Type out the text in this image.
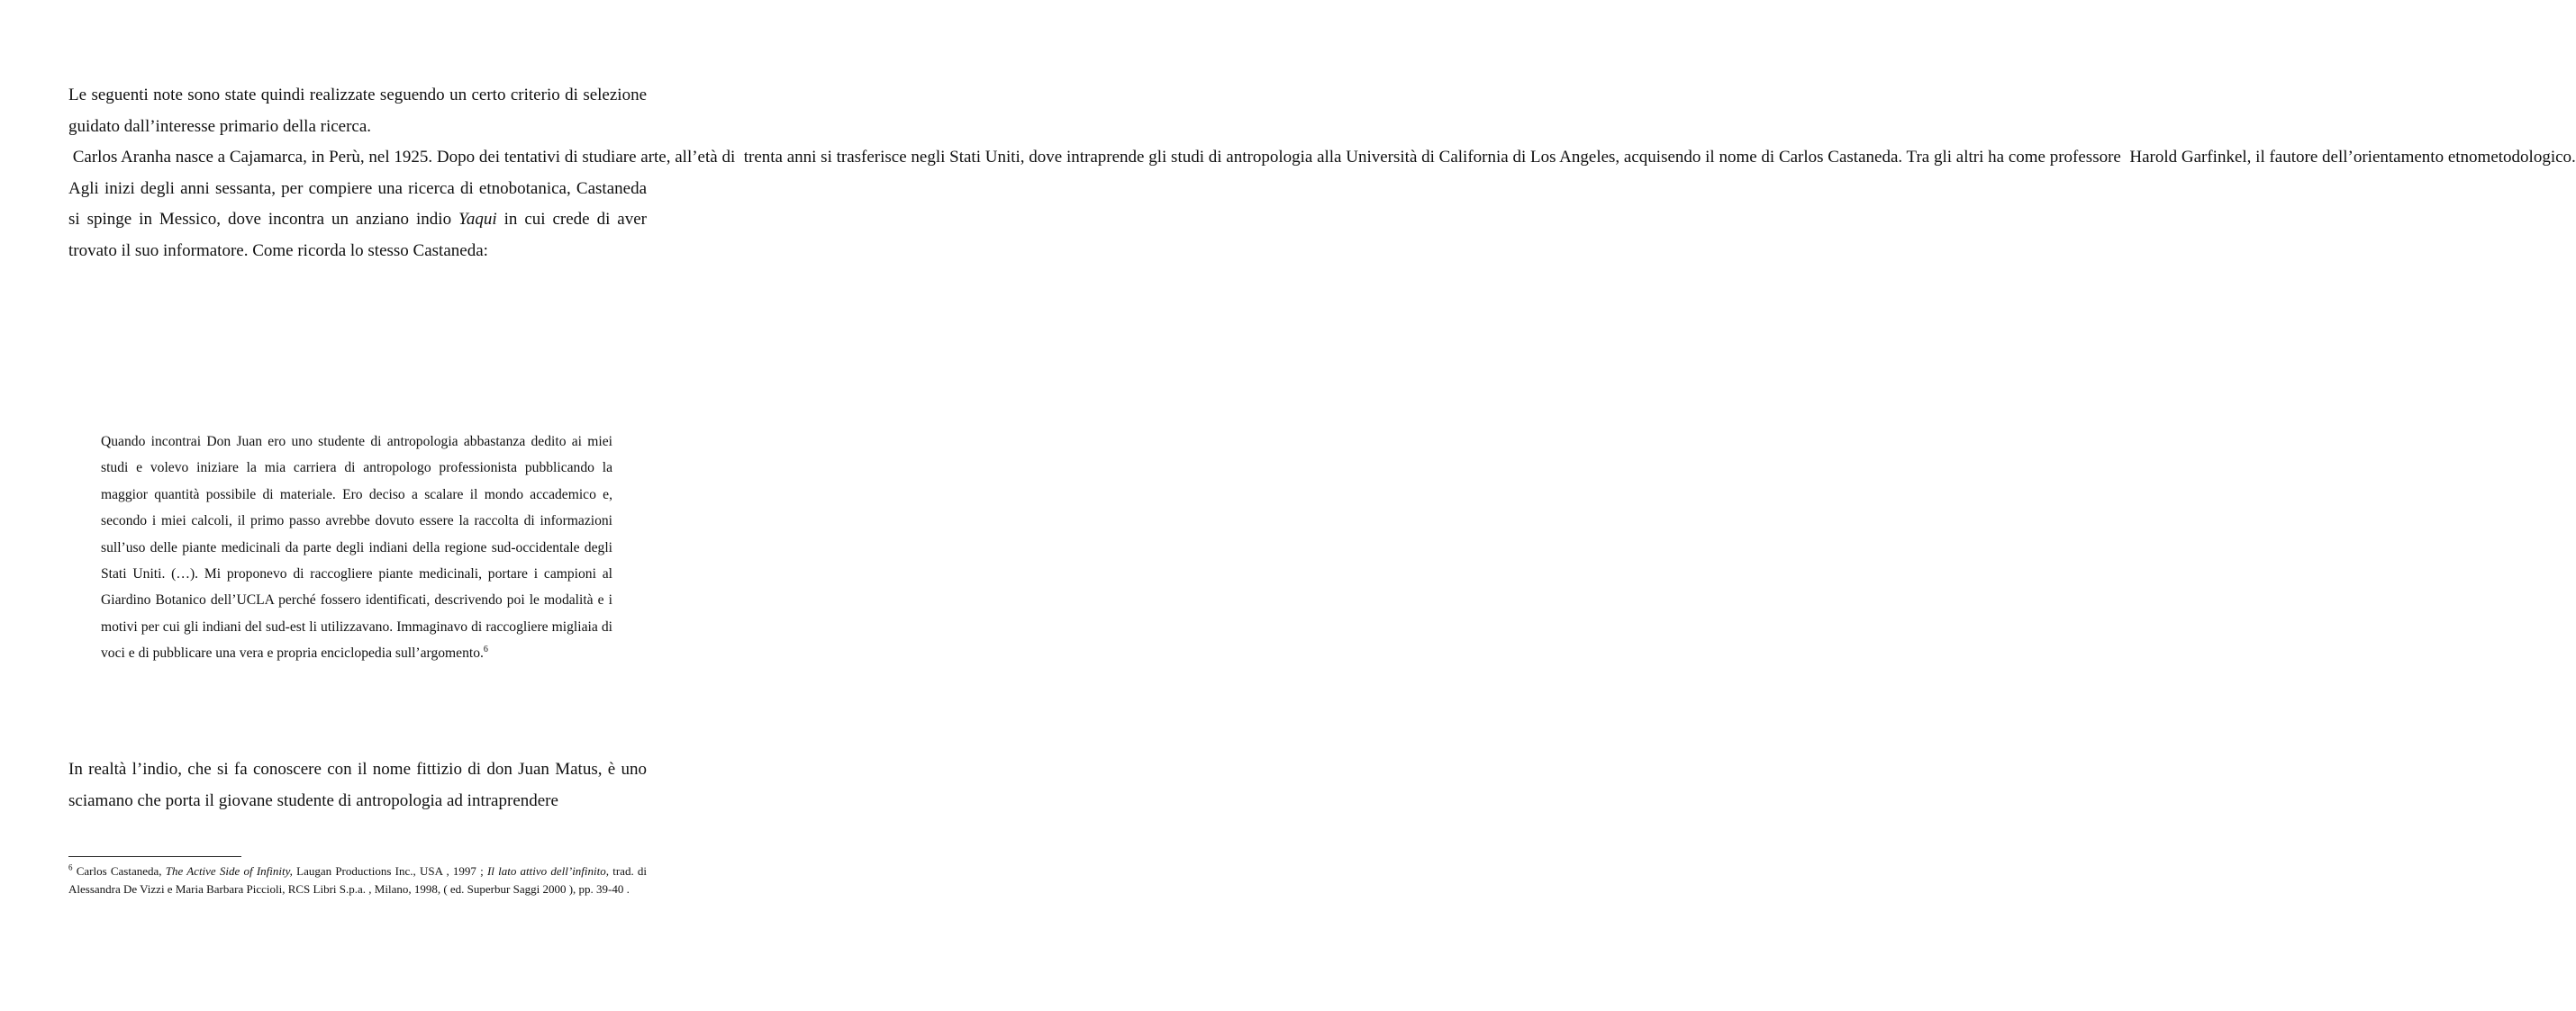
Le seguenti note sono state quindi realizzate seguendo un certo criterio di selezione guidato dall’interesse primario della ricerca.
Carlos Aranha nasce a Cajamarca, in Perù, nel 1925. Dopo dei tentativi di studiare arte, all’età di  trenta anni si trasferisce negli Stati Uniti, dove intraprende gli studi di antropologia alla Università di California di Los Angeles, acquisendo il nome di Carlos Castaneda. Tra gli altri ha come professore  Harold Garfinkel, il fautore dell’orientamento etnometodologico.
Agli inizi degli anni sessanta, per compiere una ricerca di etnobotanica, Castaneda si spinge in Messico, dove incontra un anziano indio Yaqui in cui crede di aver trovato il suo informatore. Come ricorda lo stesso Castaneda:

Quando incontrai Don Juan ero uno studente di antropologia abbastanza dedito ai miei studi e volevo iniziare la mia carriera di antropologo professionista pubblicando la maggior quantità possibile di materiale. Ero deciso a scalare il mondo accademico e, secondo i miei calcoli, il primo passo avrebbe dovuto essere la raccolta di informazioni sull’uso delle piante medicinali da parte degli indiani della regione sud-occidentale degli Stati Uniti. (…). Mi proponevo di raccogliere piante medicinali, portare i campioni al Giardino Botanico dell’UCLA perché fossero identificati, descrivendo poi le modalità e i motivi per cui gli indiani del sud-est li utilizzavano. Immaginavo di raccogliere migliaia di voci e di pubblicare una vera e propria enciclopedia sull’argomento.$^6$

In realtà l’indio, che si fa conoscere con il nome fittizio di don Juan Matus, è uno sciamano che porta il giovane studente di antropologia ad intraprendere

$^6$ Carlos Castaneda, The Active Side of Infinity, Laugan Productions Inc., USA , 1997 ; Il lato attivo dell’infinito, trad. di Alessandra De Vizzi e Maria Barbara Piccioli, RCS Libri S.p.a. , Milano, 1998, ( ed. Superbur Saggi 2000 ), pp. 39-40 .
